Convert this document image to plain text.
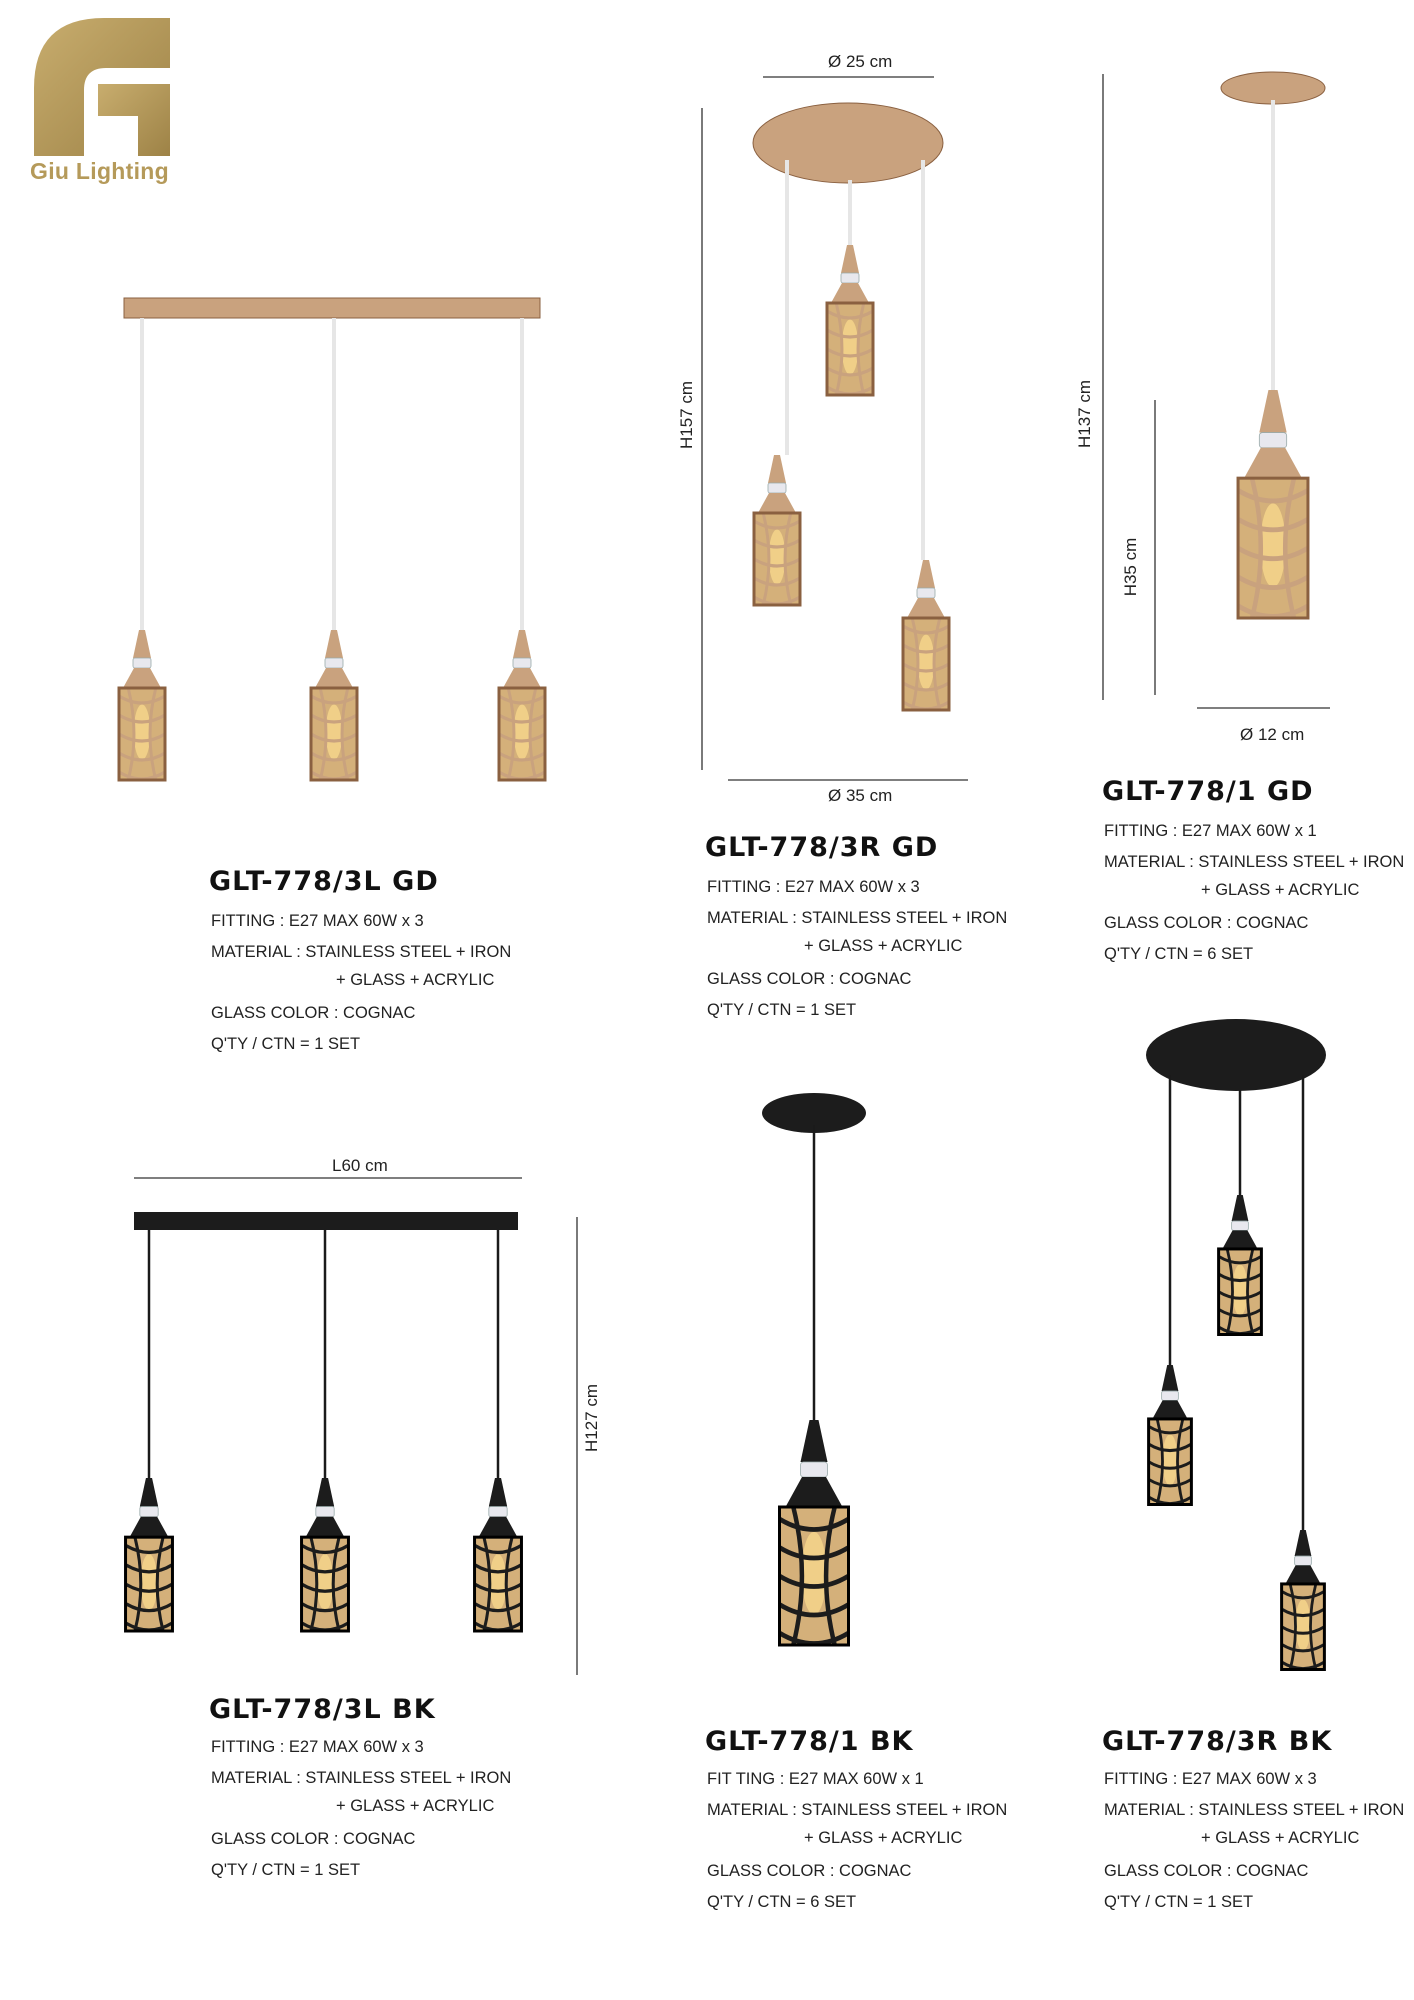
Giu Lighting
Ø 25 cm
H157 cm
Ø 35 cm
H137 cm
H35 cm
Ø 12 cm
L60 cm
H127 cm
GLT-778/3L GD
FITTING : E27 MAX 60W x 3
MATERIAL : STAINLESS STEEL + IRON
+ GLASS + ACRYLIC
GLASS COLOR : COGNAC
Q'TY / CTN = 1 SET
GLT-778/3R GD
FITTING : E27 MAX 60W x 3
MATERIAL : STAINLESS STEEL + IRON
+ GLASS + ACRYLIC
GLASS COLOR : COGNAC
Q'TY / CTN = 1 SET
GLT-778/1 GD
FITTING : E27 MAX 60W x 1
MATERIAL : STAINLESS STEEL + IRON
+ GLASS + ACRYLIC
GLASS COLOR : COGNAC
Q'TY / CTN = 6 SET
GLT-778/3L BK
FITTING : E27 MAX 60W x 3
MATERIAL : STAINLESS STEEL + IRON
+ GLASS + ACRYLIC
GLASS COLOR : COGNAC
Q'TY / CTN = 1 SET
GLT-778/1 BK
FIT TING : E27 MAX 60W x 1
MATERIAL : STAINLESS STEEL + IRON
+ GLASS + ACRYLIC
GLASS COLOR : COGNAC
Q'TY / CTN = 6 SET
GLT-778/3R BK
FITTING : E27 MAX 60W x 3
MATERIAL : STAINLESS STEEL + IRON
+ GLASS + ACRYLIC
GLASS COLOR : COGNAC
Q'TY / CTN = 1 SET
